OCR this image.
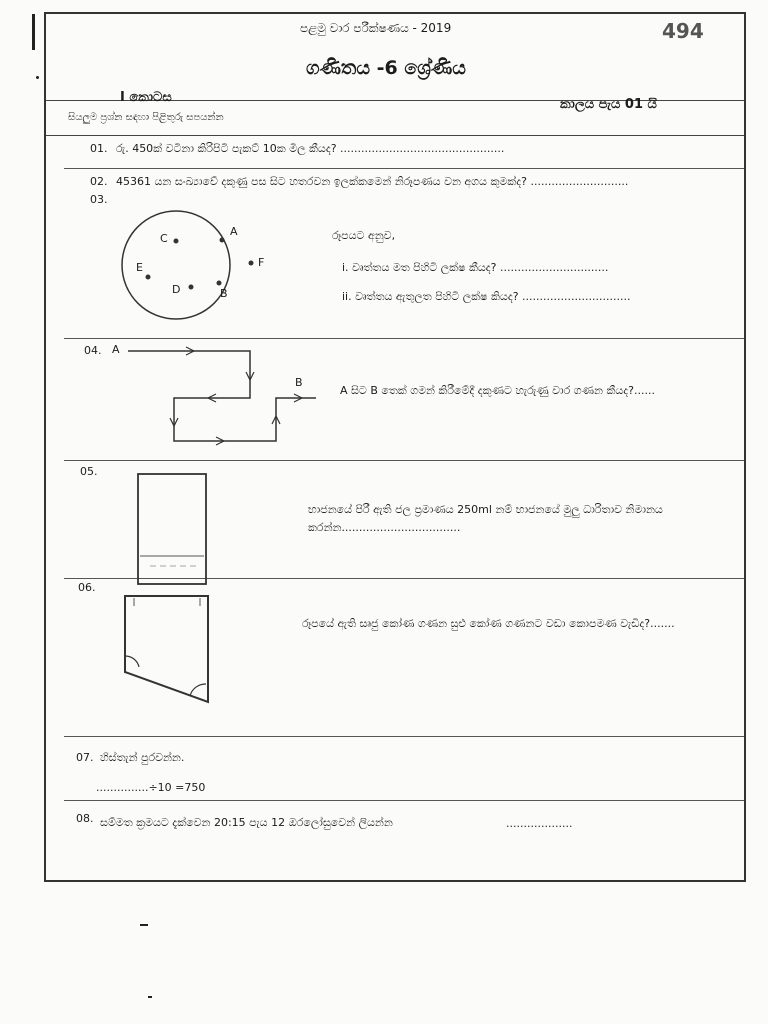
පළමු වාර පරීක්ෂණය - 2019	494
ගණිතය -6 ශ්‍රේණිය
I කොටස
සියලුම ප්‍රශ්න සඳහා පිළිතුරු සපයන්න
කාලය පැය 01 යි
01. රු. 450ක් වටිනා කිරිපිටි පැකට් 10ක මිල කීයද? ...............................................
02. 45361 යන සංඛ්‍යාවේ දකුණු පස සිට හතරවන ඉලක්කමෙන් නිරූපණය වන අගය කුමක්ද? ............................
03.
A
B
C
D
E	F
රූපයට අනුව,
i. වෘත්තය මත පිහිටි ලක්ෂ කීයද? ...............................
ii. වෘත්තය ඇතුලත පිහිටි ලක්ෂ කියද? ...............................
04. A
B
A සිට B තෙක් ගමන් කිරීමේදී දකුණට හැරුණු වාර ගණන කීයද?......
05.
භාජනයේ පිරී ඇති ජල ප්‍රමාණය 250ml නම් භාජනයේ මුලු ධාරිතාව නිමානය
කරන්න..................................
06.
රූපයේ ඇති සෘජු කෝණ ගණන සුළු කෝණ ගණනට වඩා කොපමණ වැඩිද?.......
07. හිස්තැන් පුරවන්න.
...............÷10 =750
08. සම්මත ක්‍රමයට දැක්වෙන 20:15 පැය 12 ඔරලෝසුවෙන් ලියන්න	...................
